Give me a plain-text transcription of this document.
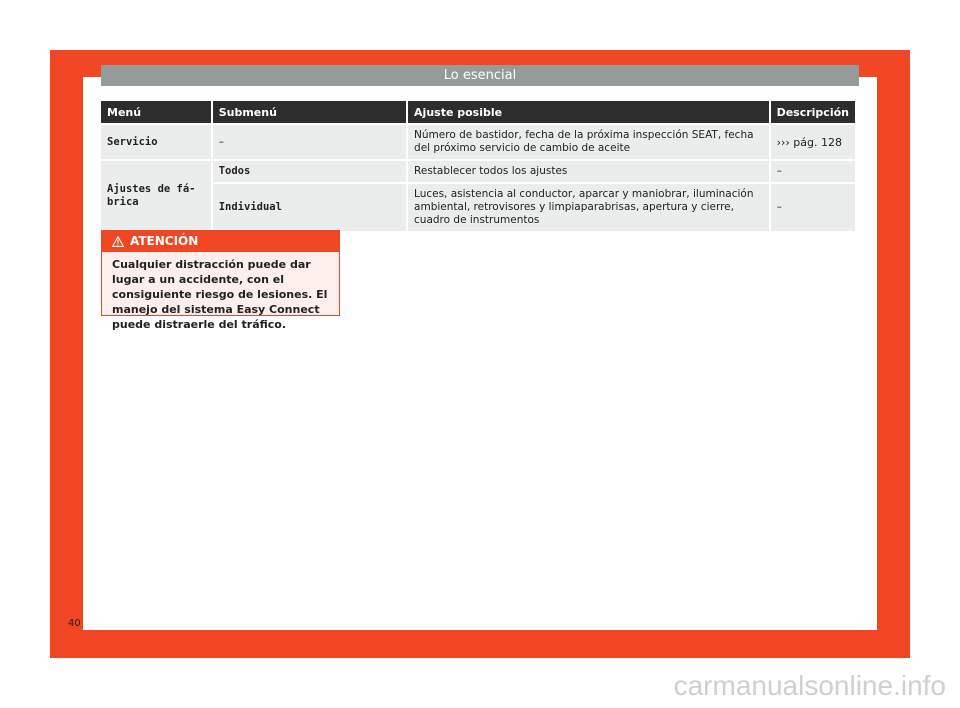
Lo esencial
Menú	Submenú	Ajuste posible	Descripción
Servicio	–	Número de bastidor, fecha de la próxima inspección SEAT, fecha del próximo servicio de cambio de aceite	››› pág. 128
Ajustes de fá-brica	Todos	Restablecer todos los ajustes	–
	Individual	Luces, asistencia al conductor, aparcar y maniobrar, iluminación ambiental, retrovisores y limpiaparabrisas, apertura y cierre, cuadro de instrumentos	–
ATENCIÓN
Cualquier distracción puede dar lugar a un accidente, con el consiguiente riesgo de lesiones. El manejo del sistema Easy Connect puede distraerle del tráfico.
40
carmanualsonline.info
